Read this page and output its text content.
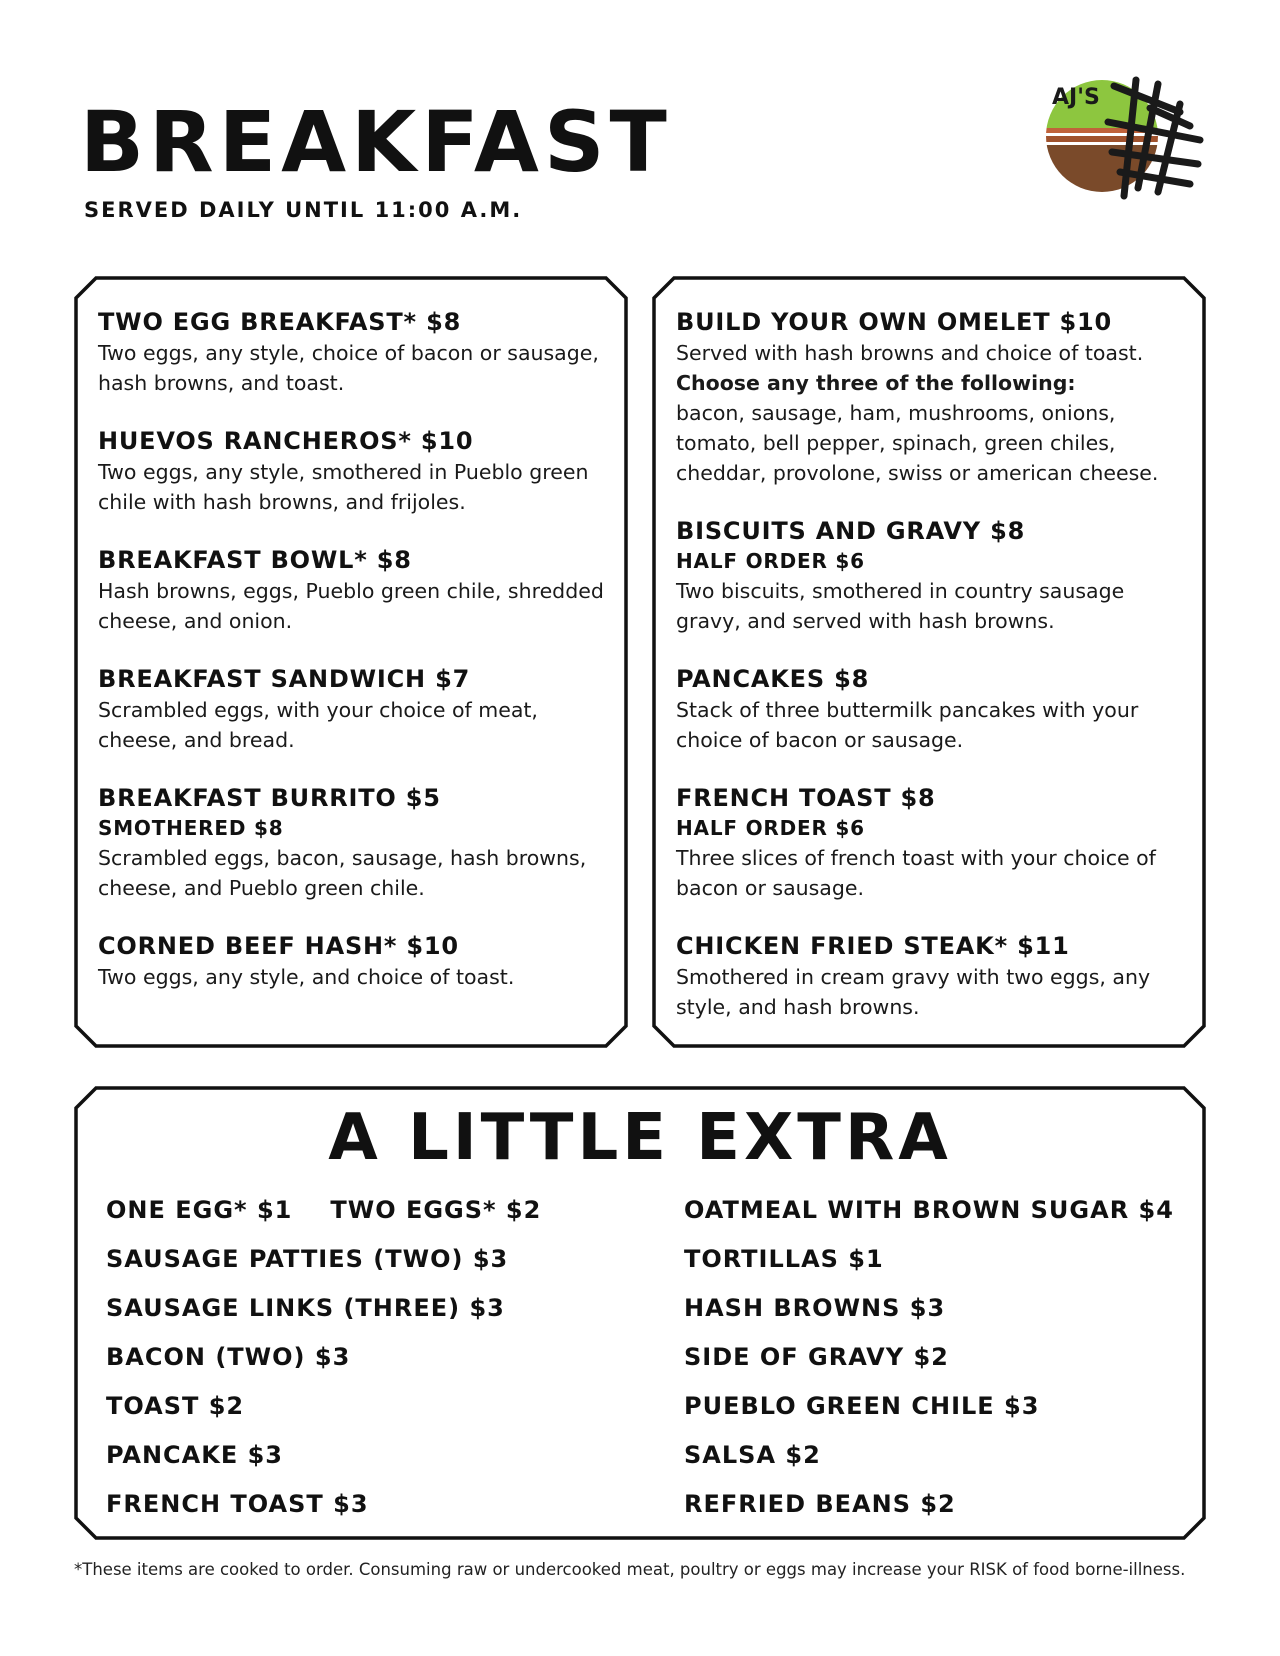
BREAKFAST
SERVED DAILY UNTIL 11:00 A.M.
AJ'S
TWO EGG BREAKFAST* $8
Two eggs, any style, choice of bacon or sausage,
hash browns, and toast.
HUEVOS RANCHEROS* $10
Two eggs, any style, smothered in Pueblo green
chile with hash browns, and frijoles.
BREAKFAST BOWL* $8
Hash browns, eggs, Pueblo green chile, shredded
cheese, and onion.
BREAKFAST SANDWICH $7
Scrambled eggs, with your choice of meat,
cheese, and bread.
BREAKFAST BURRITO $5
SMOTHERED $8
Scrambled eggs, bacon, sausage, hash browns,
cheese, and Pueblo green chile.
CORNED BEEF HASH* $10
Two eggs, any style, and choice of toast.
BUILD YOUR OWN OMELET $10
Served with hash browns and choice of toast.
Choose any three of the following:
bacon, sausage, ham, mushrooms, onions,
tomato, bell pepper, spinach, green chiles,
cheddar, provolone, swiss or american cheese.
BISCUITS AND GRAVY $8
HALF ORDER $6
Two biscuits, smothered in country sausage
gravy, and served with hash browns.
PANCAKES $8
Stack of three buttermilk pancakes with your
choice of bacon or sausage.
FRENCH TOAST $8
HALF ORDER $6
Three slices of french toast with your choice of
bacon or sausage.
CHICKEN FRIED STEAK* $11
Smothered in cream gravy with two eggs, any
style, and hash browns.
A LITTLE EXTRA
ONE EGG* $1 TWO EGGS* $2
SAUSAGE PATTIES (TWO) $3
SAUSAGE LINKS (THREE) $3
BACON (TWO) $3
TOAST $2
PANCAKE $3
FRENCH TOAST $3
OATMEAL WITH BROWN SUGAR $4
TORTILLAS $1
HASH BROWNS $3
SIDE OF GRAVY $2
PUEBLO GREEN CHILE $3
SALSA $2
REFRIED BEANS $2
*These items are cooked to order. Consuming raw or undercooked meat, poultry or eggs may increase your RISK of food borne-illness.
